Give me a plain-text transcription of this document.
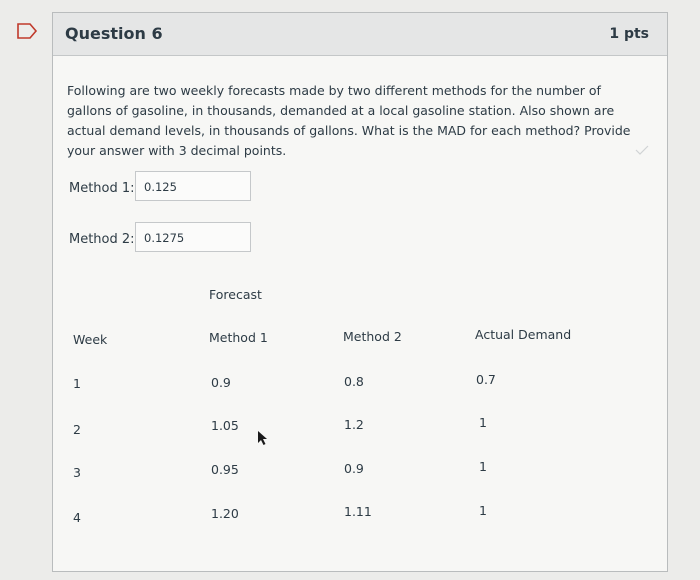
Question 6	1 pts
Following are two weekly forecasts made by two different methods for the number of gallons of gasoline, in thousands, demanded at a local gasoline station. Also shown are actual demand levels, in thousands of gallons. What is the MAD for each method? Provide your answer with 3 decimal points.
Method 1: 0.125
Method 2: 0.1275
Forecast
Week	Method 1	Method 2	Actual Demand
1	0.9	0.8	0.7
2	1.05	1.2	1
3	0.95	0.9	1
4	1.20	1.11	1
